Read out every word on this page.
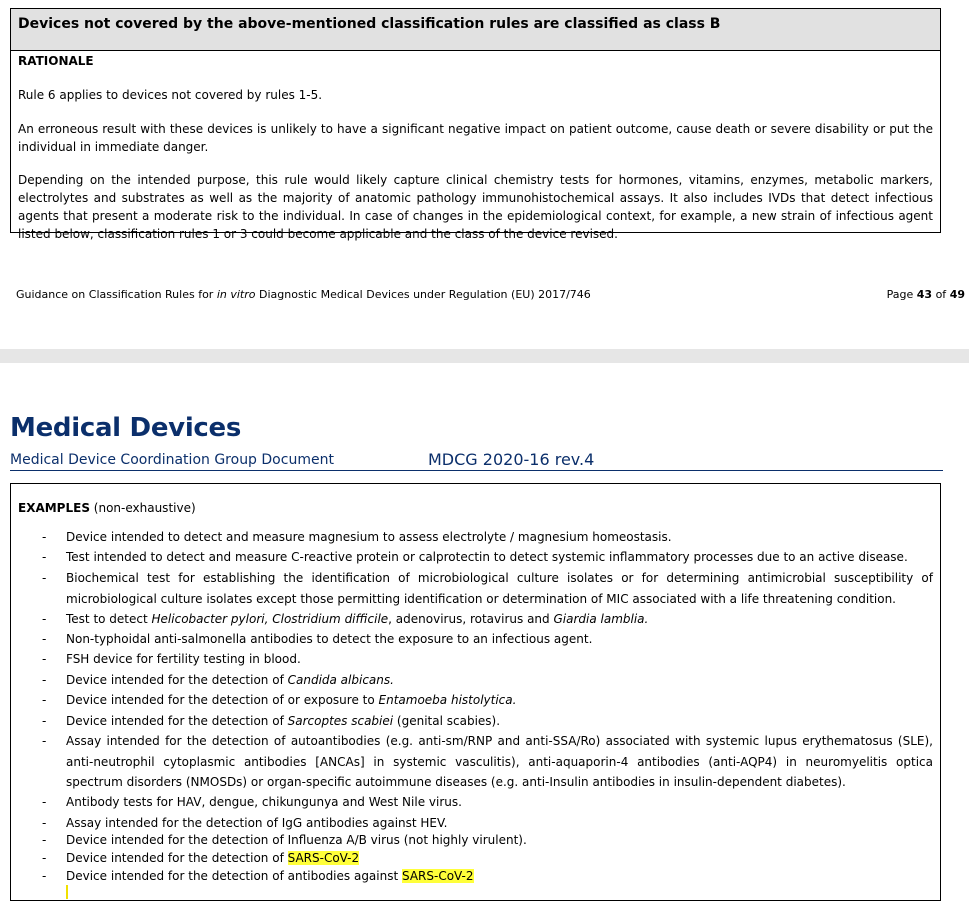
Devices not covered by the above-mentioned classification rules are classified as class B
RATIONALE
Rule 6 applies to devices not covered by rules 1-5.
An erroneous result with these devices is unlikely to have a significant negative impact on patient outcome, cause death or severe disability or put the individual in immediate danger.
Depending on the intended purpose, this rule would likely capture clinical chemistry tests for hormones, vitamins, enzymes, metabolic markers, electrolytes and substrates as well as the majority of anatomic pathology immunohistochemical assays. It also includes IVDs that detect infectious agents that present a moderate risk to the individual. In case of changes in the epidemiological context, for example, a new strain of infectious agent listed below, classification rules 1 or 3 could become applicable and the class of the device revised.
Guidance on Classification Rules for in vitro Diagnostic Medical Devices under Regulation (EU) 2017/746	Page 43 of 49
Medical Devices
Medical Device Coordination Group Document	MDCG 2020-16 rev.4
EXAMPLES (non-exhaustive)
- Device intended to detect and measure magnesium to assess electrolyte / magnesium homeostasis.
- Test intended to detect and measure C-reactive protein or calprotectin to detect systemic inflammatory processes due to an active disease.
- Biochemical test for establishing the identification of microbiological culture isolates or for determining antimicrobial susceptibility of microbiological culture isolates except those permitting identification or determination of MIC associated with a life threatening condition.
- Test to detect Helicobacter pylori, Clostridium difficile, adenovirus, rotavirus and Giardia lamblia.
- Non-typhoidal anti-salmonella antibodies to detect the exposure to an infectious agent.
- FSH device for fertility testing in blood.
- Device intended for the detection of Candida albicans.
- Device intended for the detection of or exposure to Entamoeba histolytica.
- Device intended for the detection of Sarcoptes scabiei (genital scabies).
- Assay intended for the detection of autoantibodies (e.g. anti-sm/RNP and anti-SSA/Ro) associated with systemic lupus erythematosus (SLE), anti-neutrophil cytoplasmic antibodies [ANCAs] in systemic vasculitis), anti-aquaporin-4 antibodies (anti-AQP4) in neuromyelitis optica spectrum disorders (NMOSDs) or organ-specific autoimmune diseases (e.g. anti-Insulin antibodies in insulin-dependent diabetes).
- Antibody tests for HAV, dengue, chikungunya and West Nile virus.
- Assay intended for the detection of IgG antibodies against HEV.
- Device intended for the detection of Influenza A/B virus (not highly virulent).
- Device intended for the detection of SARS-CoV-2
- Device intended for the detection of antibodies against SARS-CoV-2
